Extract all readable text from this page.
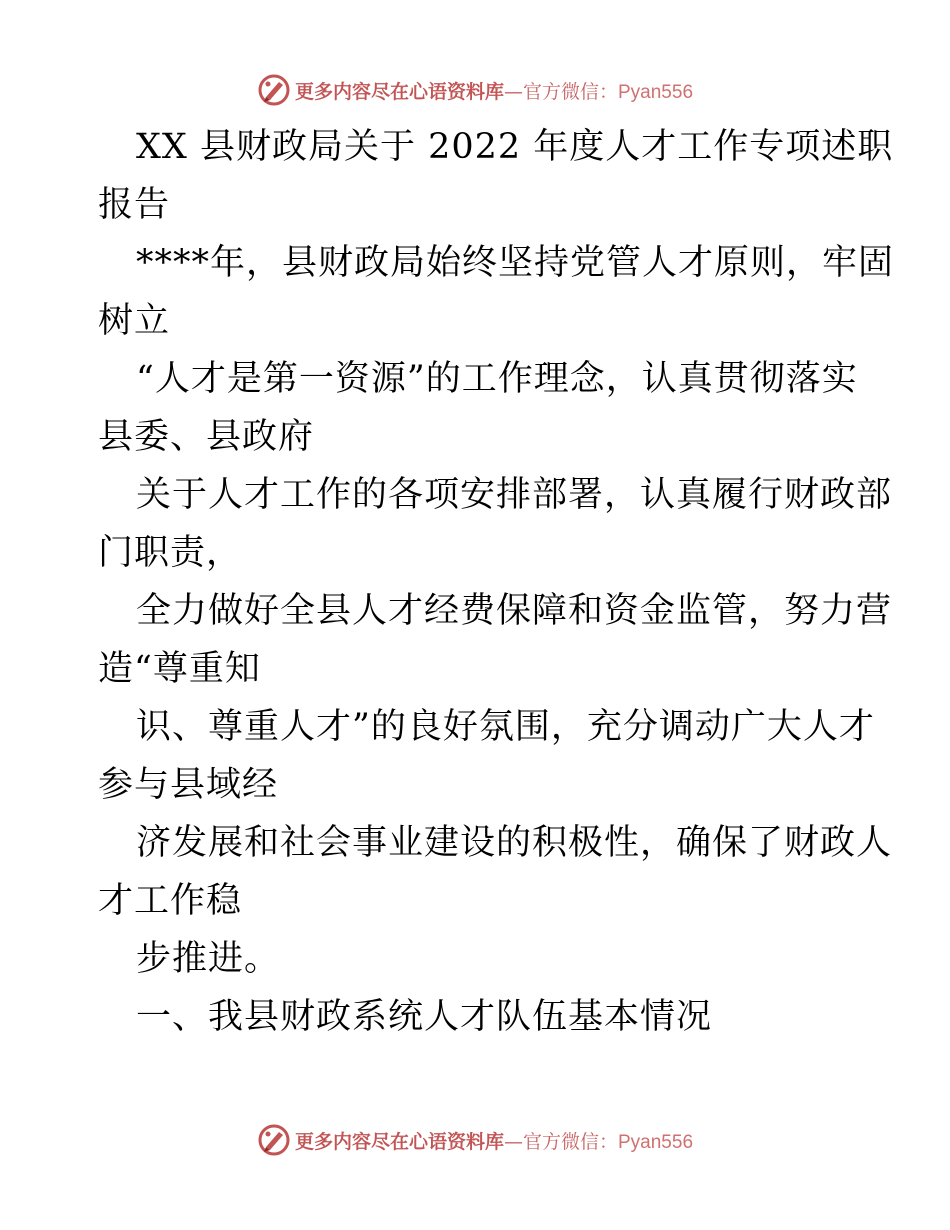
更多内容尽在心语资料库—官方微信：Pyan556
XX 县财政局关于 2022 年度人才工作专项述职
报告
****年，县财政局始终坚持党管人才原则，牢固
树立
“人才是第一资源”的工作理念，认真贯彻落实
县委、县政府
关于人才工作的各项安排部署，认真履行财政部
门职责，
全力做好全县人才经费保障和资金监管，努力营
造“尊重知
识、尊重人才”的良好氛围，充分调动广大人才
参与县域经
济发展和社会事业建设的积极性，确保了财政人
才工作稳
步推进。
一、我县财政系统人才队伍基本情况
更多内容尽在心语资料库—官方微信：Pyan556
